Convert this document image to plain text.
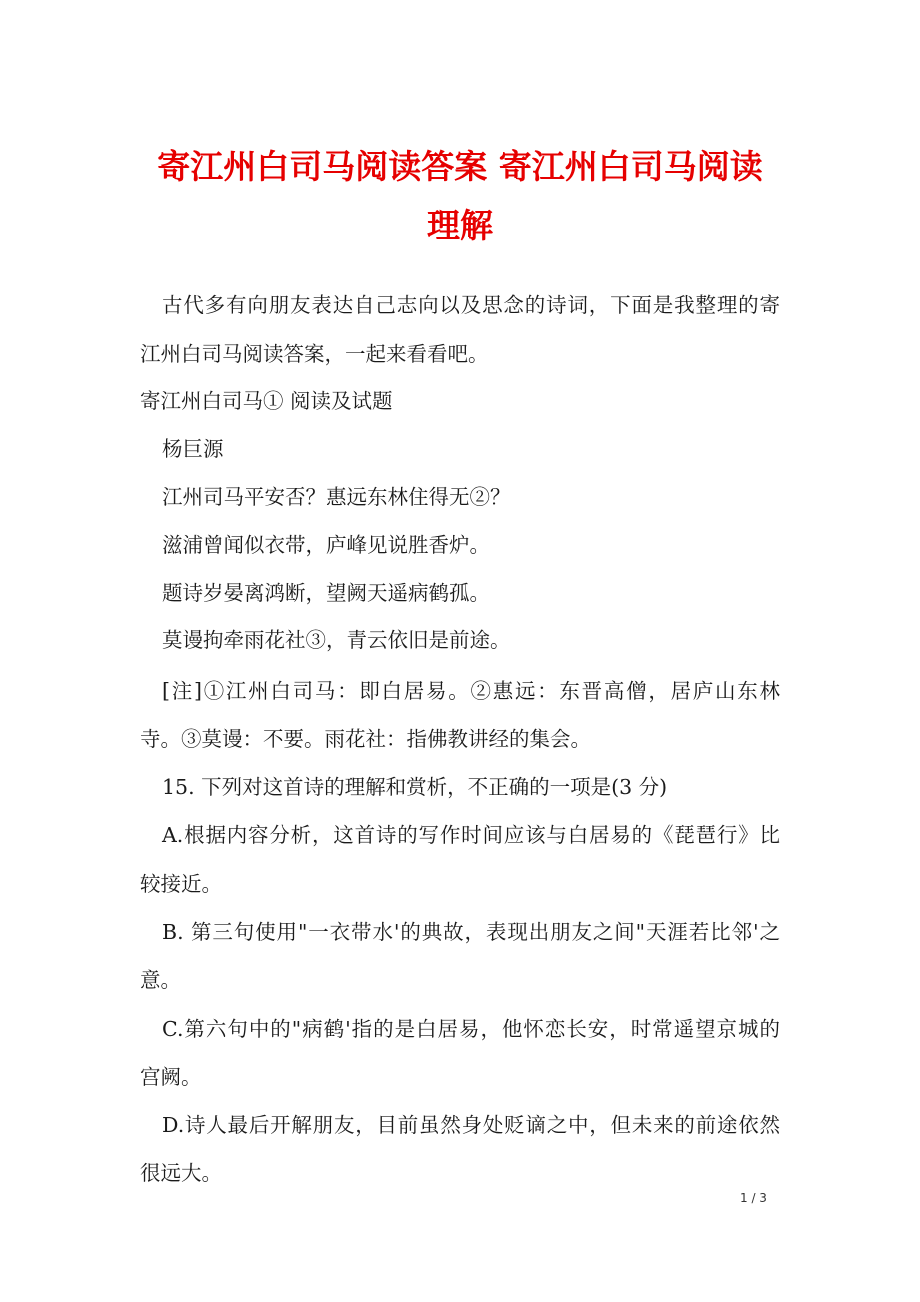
寄江州白司马阅读答案 寄江州白司马阅读
理解

古代多有向朋友表达自己志向以及思念的诗词，下面是我整理的寄

江州白司马阅读答案，一起来看看吧。

寄江州白司马① 阅读及试题

杨巨源

江州司马平安否？惠远东林住得无②？

滋浦曾闻似衣带，庐峰见说胜香炉。

题诗岁晏离鸿断，望阙天遥病鹤孤。

莫谩拘牵雨花社③，青云依旧是前途。

[注]①江州白司马：即白居易。②惠远：东晋高僧，居庐山东林

寺。③莫谩：不要。雨花社：指佛教讲经的集会。

15. 下列对这首诗的理解和赏析，不正确的一项是(3 分)

A.根据内容分析，这首诗的写作时间应该与白居易的《琵琶行》比

较接近。

B. 第三句使用"一衣带水'的典故，表现出朋友之间"天涯若比邻'之

意。

C.第六句中的"病鹤'指的是白居易，他怀恋长安，时常遥望京城的

宫阙。

D.诗人最后开解朋友，目前虽然身处贬谪之中，但未来的前途依然

很远大。

1 / 3
